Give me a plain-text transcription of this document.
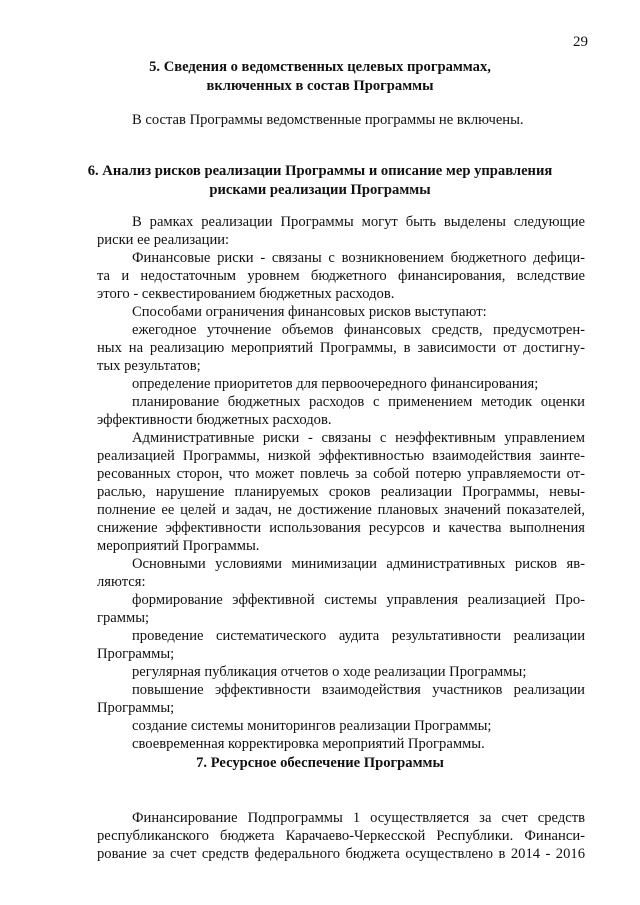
29
5. Сведения о ведомственных целевых программах,
включенных в состав Программы
В состав Программы ведомственные программы не включены.
6. Анализ рисков реализации Программы и описание мер управления
рисками реализации Программы
В рамках реализации Программы могут быть выделены следующие
риски ее реализации:
Финансовые риски - связаны с возникновением бюджетного дефици-
та и недостаточным уровнем бюджетного финансирования, вследствие
этого - секвестированием бюджетных расходов.
Способами ограничения финансовых рисков выступают:
ежегодное уточнение объемов финансовых средств, предусмотрен-
ных на реализацию мероприятий Программы, в зависимости от достигну-
тых результатов;
определение приоритетов для первоочередного финансирования;
планирование бюджетных расходов с применением методик оценки
эффективности бюджетных расходов.
Административные риски - связаны с неэффективным управлением
реализацией Программы, низкой эффективностью взаимодействия заинте-
ресованных сторон, что может повлечь за собой потерю управляемости от-
раслью, нарушение планируемых сроков реализации Программы, невы-
полнение ее целей и задач, не достижение плановых значений показателей,
снижение эффективности использования ресурсов и качества выполнения
мероприятий Программы.
Основными условиями минимизации административных рисков яв-
ляются:
формирование эффективной системы управления реализацией Про-
граммы;
проведение систематического аудита результативности реализации
Программы;
регулярная публикация отчетов о ходе реализации Программы;
повышение эффективности взаимодействия участников реализации
Программы;
создание системы мониторингов реализации Программы;
своевременная корректировка мероприятий Программы.
7. Ресурсное обеспечение Программы
Финансирование Подпрограммы 1 осуществляется за счет средств
республиканского бюджета Карачаево-Черкесской Республики. Финанси-
рование за счет средств федерального бюджета осуществлено в 2014 - 2016
